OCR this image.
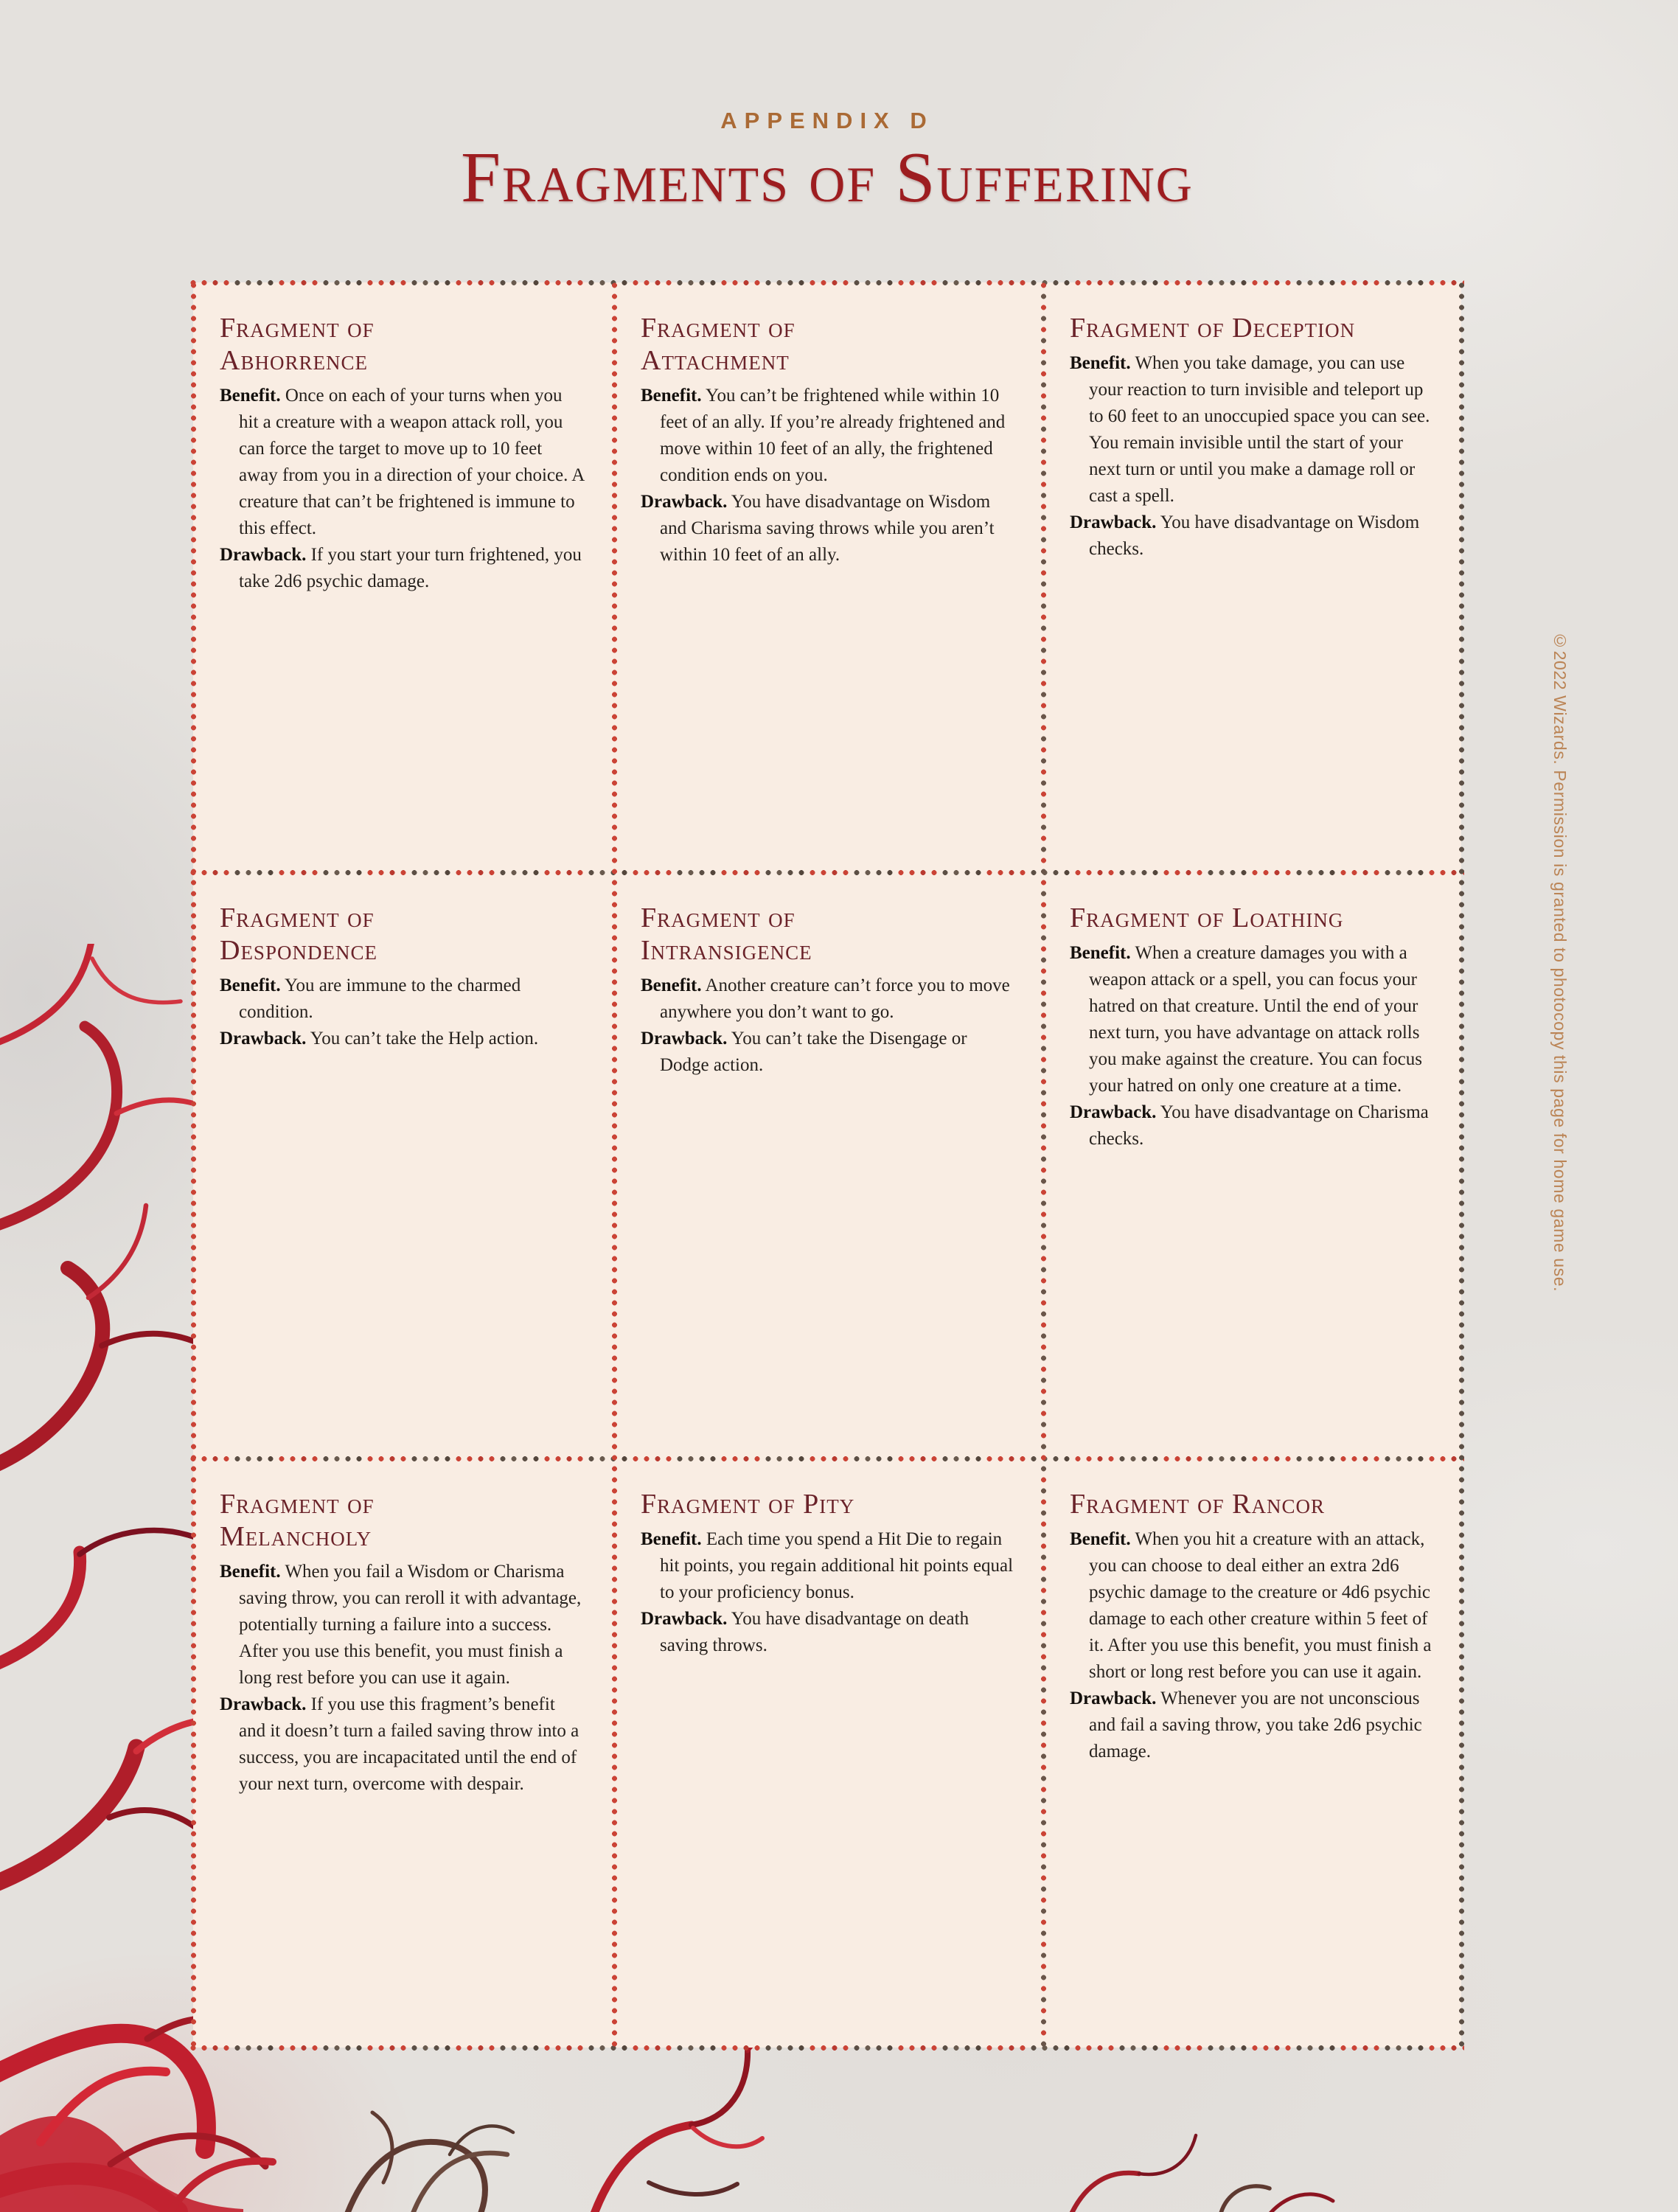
APPENDIX D
Fragments of Suffering
Fragment of Abhorrence

Benefit. Once on each of your turns when you hit a creature with a weapon attack roll, you can force the target to move up to 10 feet away from you in a direction of your choice. A creature that can’t be frightened is immune to this effect.

Drawback. If you start your turn frightened, you take 2d6 psychic damage.

Fragment of Attachment

Benefit. You can’t be frightened while within 10 feet of an ally. If you’re already frightened and move within 10 feet of an ally, the frightened condition ends on you.

Drawback. You have disadvantage on Wisdom and Charisma saving throws while you aren’t within 10 feet of an ally.

Fragment of Deception

Benefit. When you take damage, you can use your reaction to turn invisible and teleport up to 60 feet to an unoccupied space you can see. You remain invisible until the start of your next turn or until you make a damage roll or cast a spell.

Drawback. You have disadvantage on Wisdom checks.

Fragment of Despondence

Benefit. You are immune to the charmed condition.

Drawback. You can’t take the Help action.

Fragment of Intransigence

Benefit. Another creature can’t force you to move anywhere you don’t want to go.

Drawback. You can’t take the Disengage or Dodge action.

Fragment of Loathing

Benefit. When a creature damages you with a weapon attack or a spell, you can focus your hatred on that creature. Until the end of your next turn, you have advantage on attack rolls you make against the creature. You can focus your hatred on only one creature at a time.

Drawback. You have disadvantage on Charisma checks.

Fragment of Melancholy

Benefit. When you fail a Wisdom or Charisma saving throw, you can reroll it with advantage, potentially turning a failure into a success. After you use this benefit, you must finish a long rest before you can use it again.

Drawback. If you use this fragment’s benefit and it doesn’t turn a failed saving throw into a success, you are incapacitated until the end of your next turn, overcome with despair.

Fragment of Pity

Benefit. Each time you spend a Hit Die to regain hit points, you regain additional hit points equal to your proficiency bonus.

Drawback. You have disadvantage on death saving throws.

Fragment of Rancor

Benefit. When you hit a creature with an attack, you can choose to deal either an extra 2d6 psychic damage to the creature or 4d6 psychic damage to each other creature within 5 feet of it. After you use this benefit, you must finish a short or long rest before you can use it again.

Drawback. Whenever you are not unconscious and fail a saving throw, you take 2d6 psychic damage.

©2022 Wizards. Permission is granted to photocopy this page for home game use.
